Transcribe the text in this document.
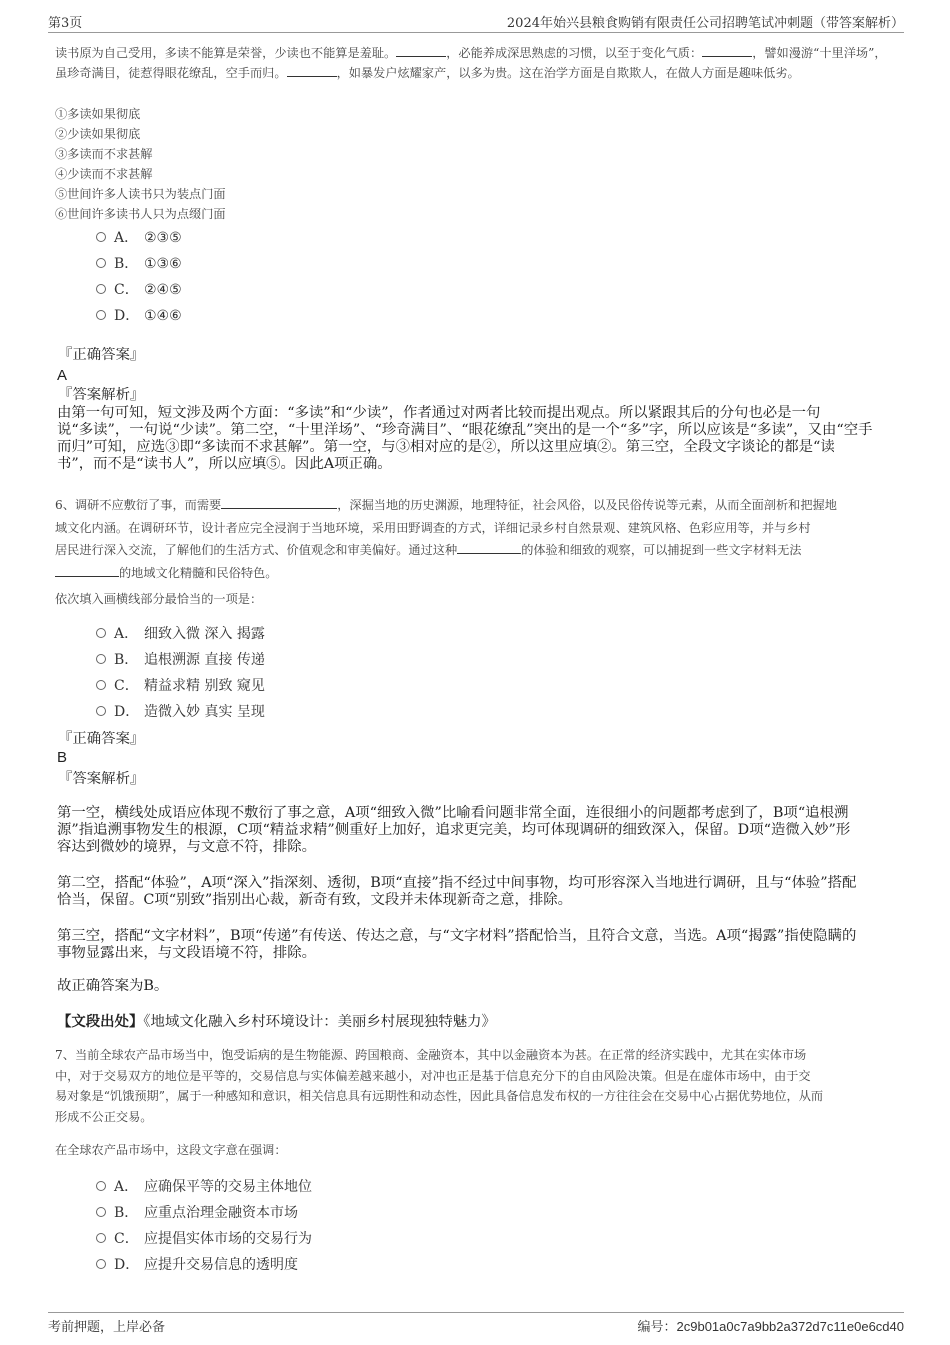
第3页	2024年始兴县粮食购销有限责任公司招聘笔试冲刺题（带答案解析）
读书原为自己受用，多读不能算是荣誉，少读也不能算是羞耻。	，必能养成深思熟虑的习惯，以至于变化气质：	，譬如漫游“十里洋场”，虽珍奇满目，徒惹得眼花缭乱，空手而归。	，如暴发户炫耀家产，以多为贵。这在治学方面是自欺欺人，在做人方面是趣味低劣。
①多读如果彻底
②少读如果彻底
③多读而不求甚解
④少读而不求甚解
⑤世间许多人读书只为装点门面
⑥世间许多读书人只为点缀门面
A． ②③⑤
B． ①③⑥
C． ②④⑤
D． ①④⑥
『正确答案』
A
『答案解析』
由第一句可知，短文涉及两个方面：“多读”和“少读”，作者通过对两者比较而提出观点。所以紧跟其后的分句也必是一句
说“多读”，一句说“少读”。第二空，“十里洋场”、“珍奇满目”、“眼花缭乱”突出的是一个“多”字，所以应该是“多读”，又由“空手
而归”可知，应选③即“多读而不求甚解”。第一空，与③相对应的是②，所以这里应填②。第三空，全段文字谈论的都是“读
书”，而不是“读书人”，所以应填⑤。因此A项正确。
6、调研不应敷衍了事，而需要	，深掘当地的历史渊源，地理特征，社会风俗，以及民俗传说等元素，从而全面剖析和把握地
域文化内涵。在调研环节，设计者应完全浸润于当地环境，采用田野调查的方式，详细记录乡村自然景观、建筑风格、色彩应用等，并与乡村
居民进行深入交流，了解他们的生活方式、价值观念和审美偏好。通过这种	的体验和细致的观察，可以捕捉到一些文字材料无法
的地域文化精髓和民俗特色。
依次填入画横线部分最恰当的一项是：
A． 细致入微 深入 揭露
B． 追根溯源 直接 传递
C． 精益求精 别致 窥见
D． 造微入妙 真实 呈现
『正确答案』
B
『答案解析』
第一空，横线处成语应体现不敷衍了事之意，A项“细致入微”比喻看问题非常全面，连很细小的问题都考虑到了，B项“追根溯
源”指追溯事物发生的根源，C项“精益求精”侧重好上加好，追求更完美，均可体现调研的细致深入，保留。D项“造微入妙”形
容达到微妙的境界，与文意不符，排除。
第二空，搭配“体验”，A项“深入”指深刻、透彻，B项“直接”指不经过中间事物，均可形容深入当地进行调研，且与“体验”搭配
恰当，保留。C项“别致”指别出心裁，新奇有致，文段并未体现新奇之意，排除。
第三空，搭配“文字材料”，B项“传递”有传送、传达之意，与“文字材料”搭配恰当，且符合文意，当选。A项“揭露”指使隐瞒的
事物显露出来，与文段语境不符，排除。
故正确答案为B。
【文段出处】《地域文化融入乡村环境设计：美丽乡村展现独特魅力》
7、当前全球农产品市场当中，饱受诟病的是生物能源、跨国粮商、金融资本，其中以金融资本为甚。在正常的经济实践中，尤其在实体市场
中，对于交易双方的地位是平等的，交易信息与实体偏差越来越小，对冲也正是基于信息充分下的自由风险决策。但是在虚体市场中，由于交
易对象是“饥饿预期”，属于一种感知和意识，相关信息具有远期性和动态性，因此具备信息发布权的一方往往会在交易中心占据优势地位，从而
形成不公正交易。
在全球农产品市场中，这段文字意在强调：
A． 应确保平等的交易主体地位
B． 应重点治理金融资本市场
C． 应提倡实体市场的交易行为
D． 应提升交易信息的透明度
考前押题，上岸必备	编号：2c9b01a0c7a9bb2a372d7c11e0e6cd40
